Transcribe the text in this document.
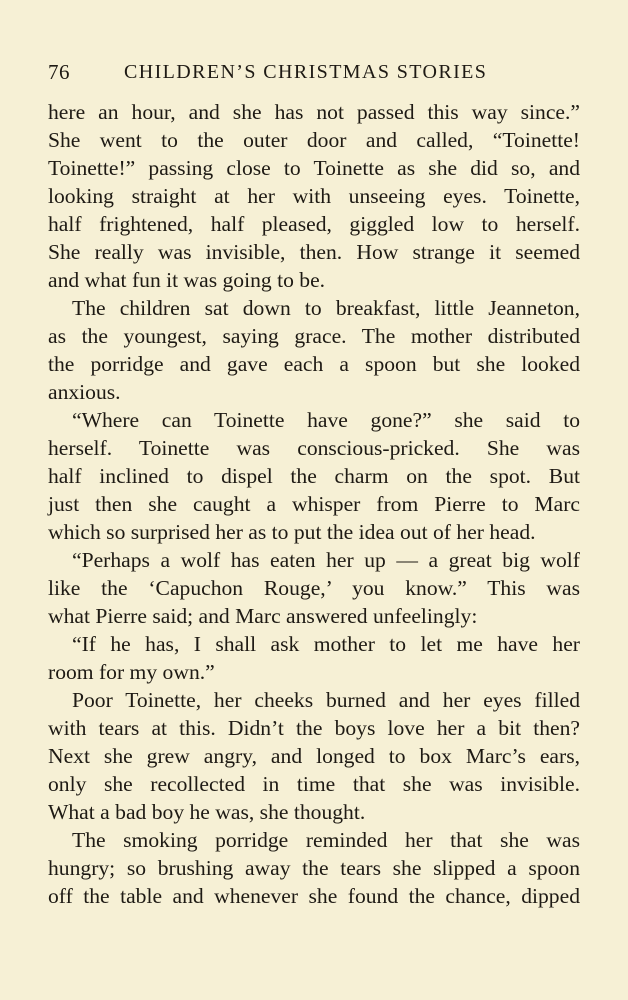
76	CHILDREN’S CHRISTMAS STORIES
here an hour, and she has not passed this way since.”
She went to the outer door and called, “Toinette!
Toinette!” passing close to Toinette as she did so, and
looking straight at her with unseeing eyes. Toinette,
half frightened, half pleased, giggled low to herself.
She really was invisible, then. How strange it seemed
and what fun it was going to be.
The children sat down to breakfast, little Jeanneton,
as the youngest, saying grace. The mother distributed
the porridge and gave each a spoon but she looked
anxious.
“Where can Toinette have gone?” she said to
herself. Toinette was conscious-pricked. She was
half inclined to dispel the charm on the spot. But
just then she caught a whisper from Pierre to Marc
which so surprised her as to put the idea out of her head.
“Perhaps a wolf has eaten her up — a great big wolf
like the ‘Capuchon Rouge,’ you know.” This was
what Pierre said; and Marc answered unfeelingly:
“If he has, I shall ask mother to let me have her
room for my own.”
Poor Toinette, her cheeks burned and her eyes filled
with tears at this. Didn’t the boys love her a bit then?
Next she grew angry, and longed to box Marc’s ears,
only she recollected in time that she was invisible.
What a bad boy he was, she thought.
The smoking porridge reminded her that she was
hungry; so brushing away the tears she slipped a spoon
off the table and whenever she found the chance, dipped
